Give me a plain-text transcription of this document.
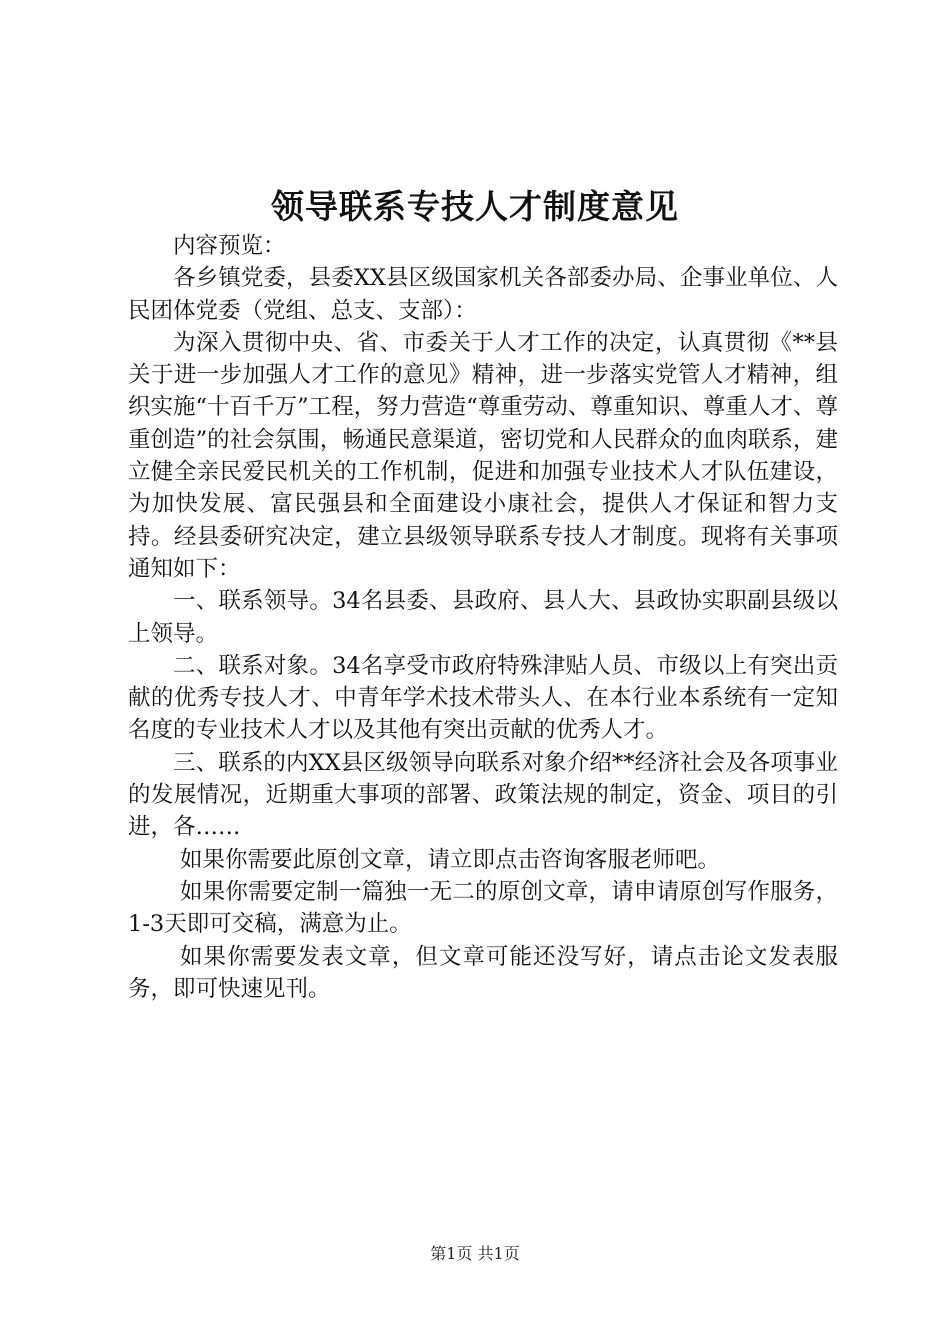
领导联系专技人才制度意见

内容预览：

各乡镇党委，县委XX县区级国家机关各部委办局、企事业单位、人民团体党委（党组、总支、支部）：

为深入贯彻中央、省、市委关于人才工作的决定，认真贯彻《**县关于进一步加强人才工作的意见》精神，进一步落实党管人才精神，组织实施“十百千万”工程，努力营造“尊重劳动、尊重知识、尊重人才、尊重创造”的社会氛围，畅通民意渠道，密切党和人民群众的血肉联系，建立健全亲民爱民机关的工作机制，促进和加强专业技术人才队伍建设，为加快发展、富民强县和全面建设小康社会，提供人才保证和智力支持。经县委研究决定，建立县级领导联系专技人才制度。现将有关事项通知如下：

一、联系领导。34名县委、县政府、县人大、县政协实职副县级以上领导。

二、联系对象。34名享受市政府特殊津贴人员、市级以上有突出贡献的优秀专技人才、中青年学术技术带头人、在本行业本系统有一定知名度的专业技术人才以及其他有突出贡献的优秀人才。

三、联系的内XX县区级领导向联系对象介绍**经济社会及各项事业的发展情况，近期重大事项的部署、政策法规的制定，资金、项目的引进，各……

如果你需要此原创文章，请立即点击咨询客服老师吧。

如果你需要定制一篇独一无二的原创文章，请申请原创写作服务，1-3天即可交稿，满意为止。

如果你需要发表文章，但文章可能还没写好，请点击论文发表服务，即可快速见刊。

第1页 共1页
